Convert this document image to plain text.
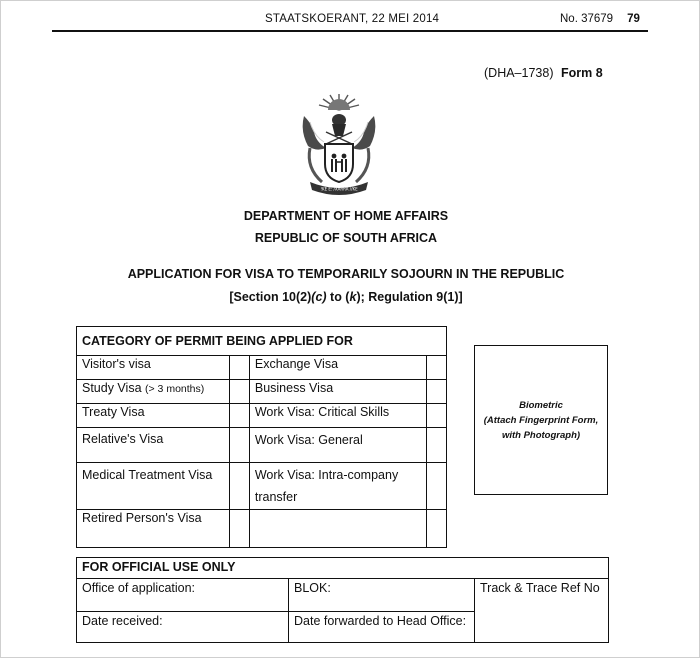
STAATSKOERANT, 22 MEI 2014	No. 37679 79
(DHA–1738) Form 8
!KE E: /XARRA //KE
DEPARTMENT OF HOME AFFAIRS
REPUBLIC OF SOUTH AFRICA
APPLICATION FOR VISA TO TEMPORARILY SOJOURN IN THE REPUBLIC
[Section 10(2)(c) to (k); Regulation 9(1)]
CATEGORY OF PERMIT BEING APPLIED FOR			
Visitor's visa		Exchange Visa	
Study Visa (> 3 months)		Business Visa	
Treaty Visa		Work Visa: Critical Skills	
Relative's Visa		Work Visa: General	
Medical Treatment Visa		Work Visa: Intra-company transfer	
Retired Person's Visa			
Biometric
(Attach Fingerprint Form,
with Photograph)
FOR OFFICIAL USE ONLY		
Office of application:	BLOK:	Track & Trace Ref No
Date received:	Date forwarded to Head Office:	
